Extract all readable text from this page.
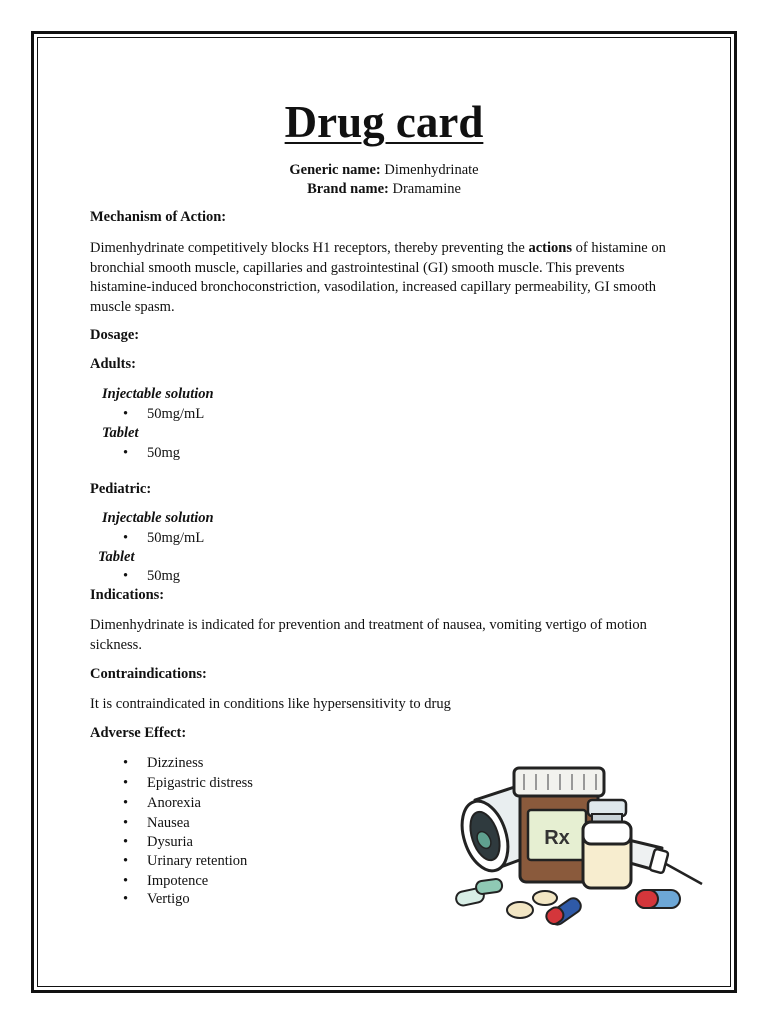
Drug card
Generic name: Dimenhydrinate
Brand name: Dramamine
Mechanism of Action:
Dimenhydrinate competitively blocks H1 receptors, thereby preventing the actions of histamine on bronchial smooth muscle, capillaries and gastrointestinal (GI) smooth muscle. This prevents histamine-induced bronchoconstriction, vasodilation, increased capillary permeability, GI smooth muscle spasm.
Dosage:
Adults:
Injectable solution
• 50mg/mL
Tablet
• 50mg
Pediatric:
Injectable solution
• 50mg/mL
Tablet
• 50mg
Indications:
Dimenhydrinate is indicated for prevention and treatment of nausea, vomiting vertigo of motion sickness.
Contraindications:
It is contraindicated in conditions like hypersensitivity to drug
Adverse Effect:
• Dizziness
• Epigastric distress
• Anorexia
• Nausea
• Dysuria
• Urinary retention
• Impotence
• Vertigo
Rx
